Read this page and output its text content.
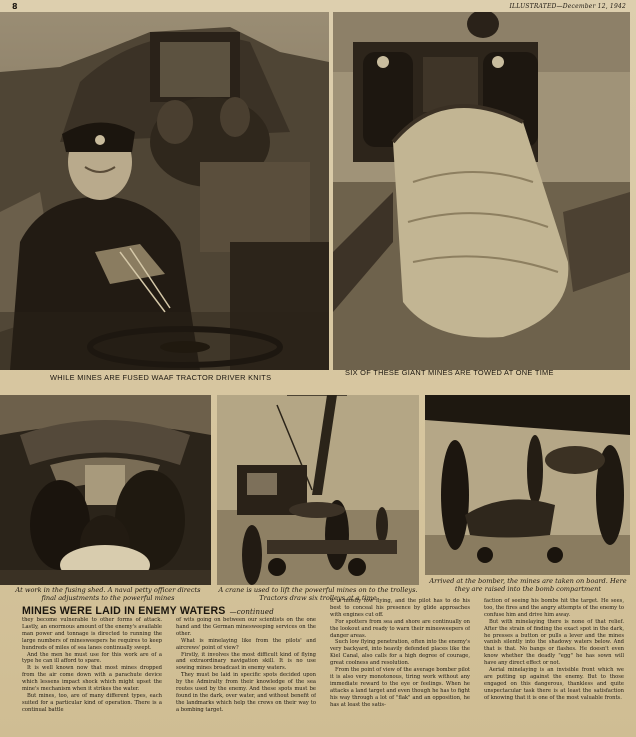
8	ILLUSTRATED—December 12, 1942
WHILE MINES ARE FUSED WAAF TRACTOR DRIVER KNITS
SIX OF THESE GIANT MINES ARE TOWED AT ONE TIME
At work in the fusing shed. A naval petty officer directs final adjustments to the powerful mines
A crane is used to lift the powerful mines on to the trolleys. Tractors draw six trolleys at a time
Arrived at the bomber, the mines are taken on board. Here they are raised into the bomb compartment
MINES WERE LAID IN ENEMY WATERS —continued

they become vulnerable to other forms of attack. Lastly, an enormous amount of the enemy's available man power and tonnage is directed to running the large numbers of minesweepers he requires to keep hundreds of miles of sea lanes continually swept.

And the men he must use for this work are of a type he can ill afford to spare.

It is well known now that most mines dropped from the air come down with a parachute device which lessens impact shock which might upset the mine's mechanism when it strikes the water.

But mines, too, are of many different types, each suited for a particular kind of operation. There is a continual battle

of wits going on between our scientists on the one hand and the German minesweeping services on the other.

What is minelaying like from the pilots' and aircrews' point of view?

Firstly, it involves the most difficult kind of flying and extraordinary navigation skill. It is no use sowing mines broadcast in enemy waters.

They must be laid in specific spots decided upon by the Admiralty from their knowledge of the sea routes used by the enemy. And these spots must be found in the dark, over water, and without benefit of the landmarks which help the crews on their way to a bombing target.

It is mostly low flying, and the pilot has to do his best to conceal his presence by glide approaches with engines cut off.

For spotters from sea and shore are continually on the lookout and ready to warn their minesweepers of danger areas.

Such low flying penetration, often into the enemy's very backyard, into heavily defended places like the Kiel Canal, also calls for a high degree of courage, great coolness and resolution.

From the point of view of the average bomber pilot it is also very monotonous, tiring work without any immediate reward to the eye or feelings. When he attacks a land target and even though he has to fight his way through a lot of "flak" and an opposition, he has at least the satis-

faction of seeing his bombs hit the target. He sees, too, the fires and the angry attempts of the enemy to confuse him and drive him away.

But with minelaying there is none of that relief. After the strain of finding the exact spot in the dark, he presses a button or pulls a lever and the mines vanish silently into the shadowy waters below. And that is that. No bangs or flashes. He doesn't even know whether the deadly "egg" he has sown will have any direct effect or not.

Aerial minelaying is an invisible front which we are putting up against the enemy. But to those engaged on this dangerous, thankless and quite unspectacular task there is at least the satisfaction of knowing that it is one of the most valuable fronts.
